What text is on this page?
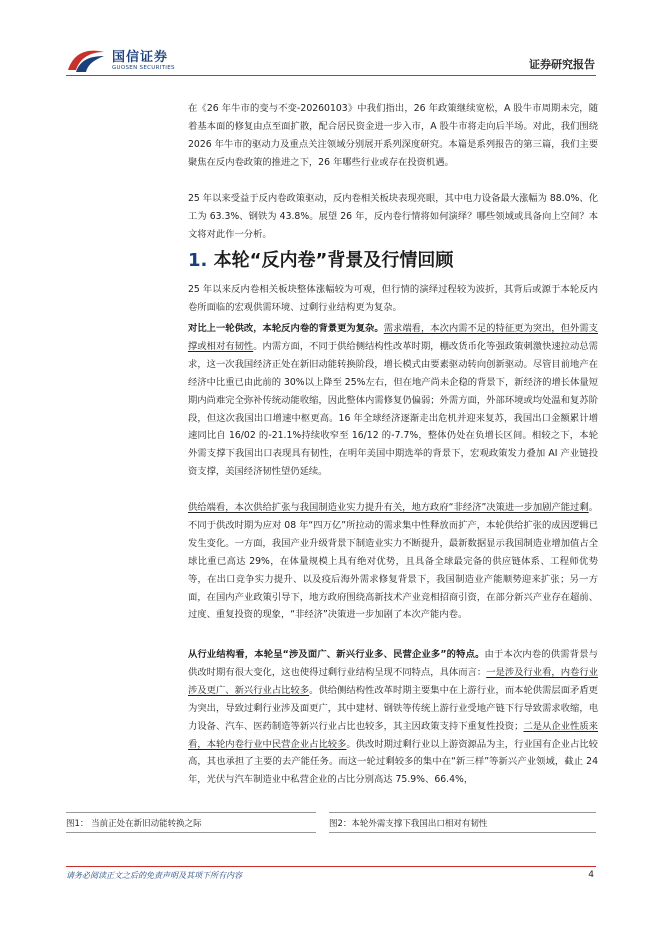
国信证券
GUOSEN SECURITIES	证券研究报告

在《26 年牛市的变与不变-20260103》中我们指出，26 年政策继续宽松，A 股牛市周期未完，随着基本面的修复由点至面扩散，配合居民资金进一步入市，A 股牛市将走向后半场。对此，我们围绕 2026 年牛市的驱动力及重点关注领域分别展开系列深度研究。本篇是系列报告的第三篇，我们主要聚焦在反内卷政策的推进之下，26 年哪些行业或存在投资机遇。

25 年以来受益于反内卷政策驱动，反内卷相关板块表现亮眼，其中电力设备最大涨幅为 88.0%、化工为 63.3%、钢铁为 43.8%。展望 26 年，反内卷行情将如何演绎？哪些领域或具备向上空间？本文将对此作一分析。

1. 本轮“反内卷”背景及行情回顾

25 年以来反内卷相关板块整体涨幅较为可观，但行情的演绎过程较为波折，其背后或源于本轮反内卷所面临的宏观供需环境、过剩行业结构更为复杂。

对比上一轮供改，本轮反内卷的背景更为复杂。需求端看，本次内需不足的特征更为突出，但外需支撑或相对有韧性。内需方面，不同于供给侧结构性改革时期，棚改货币化等强政策刺激快速拉动总需求，这一次我国经济正处在新旧动能转换阶段，增长模式由要素驱动转向创新驱动。尽管目前地产在经济中比重已由此前的 30%以上降至 25%左右，但在地产尚未企稳的背景下，新经济的增长体量短期内尚难完全弥补传统动能收缩，因此整体内需修复仍偏弱；外需方面，外部环境或均处温和复苏阶段，但这次我国出口增速中枢更高。16 年全球经济逐渐走出危机并迎来复苏，我国出口金额累计增速同比自 16/02 的-21.1%持续收窄至 16/12 的-7.7%，整体仍处在负增长区间。相较之下，本轮外需支撑下我国出口表现具有韧性，在明年美国中期选举的背景下，宏观政策发力叠加 AI 产业链投资支撑，美国经济韧性望仍延续。

供给端看，本次供给扩张与我国制造业实力提升有关，地方政府“非经济”决策进一步加剧产能过剩。不同于供改时期为应对 08 年“四万亿”所拉动的需求集中性释放而扩产，本轮供给扩张的成因逻辑已发生变化。一方面，我国产业升级背景下制造业实力不断提升，最新数据显示我国制造业增加值占全球比重已高达 29%，在体量规模上具有绝对优势，且具备全球最完备的供应链体系、工程师优势等，在出口竞争实力提升、以及疫后海外需求修复背景下，我国制造业产能顺势迎来扩张；另一方面，在国内产业政策引导下，地方政府围绕高新技术产业竞相招商引资，在部分新兴产业存在超前、过度、重复投资的现象，“非经济”决策进一步加剧了本次产能内卷。

从行业结构看，本轮呈“涉及面广、新兴行业多、民营企业多”的特点。由于本次内卷的供需背景与供改时期有很大变化，这也使得过剩行业结构呈现不同特点，具体而言：一是涉及行业看，内卷行业涉及更广、新兴行业占比较多。供给侧结构性改革时期主要集中在上游行业，而本轮供需层面矛盾更为突出，导致过剩行业涉及面更广，其中建材、钢铁等传统上游行业受地产链下行导致需求收缩，电力设备、汽车、医药制造等新兴行业占比也较多，其主因政策支持下重复性投资；二是从企业性质来看，本轮内卷行业中民营企业占比较多。供改时期过剩行业以上游资源品为主，行业国有企业占比较高，其也承担了主要的去产能任务。而这一轮过剩较多的集中在“新三样”等新兴产业领域，截止 24 年，光伏与汽车制造业中私营企业的占比分别高达 75.9%、66.4%，

图1： 当前正处在新旧动能转换之际	图2：本轮外需支撑下我国出口相对有韧性
请务必阅读正文之后的免责声明及其项下所有内容	4
